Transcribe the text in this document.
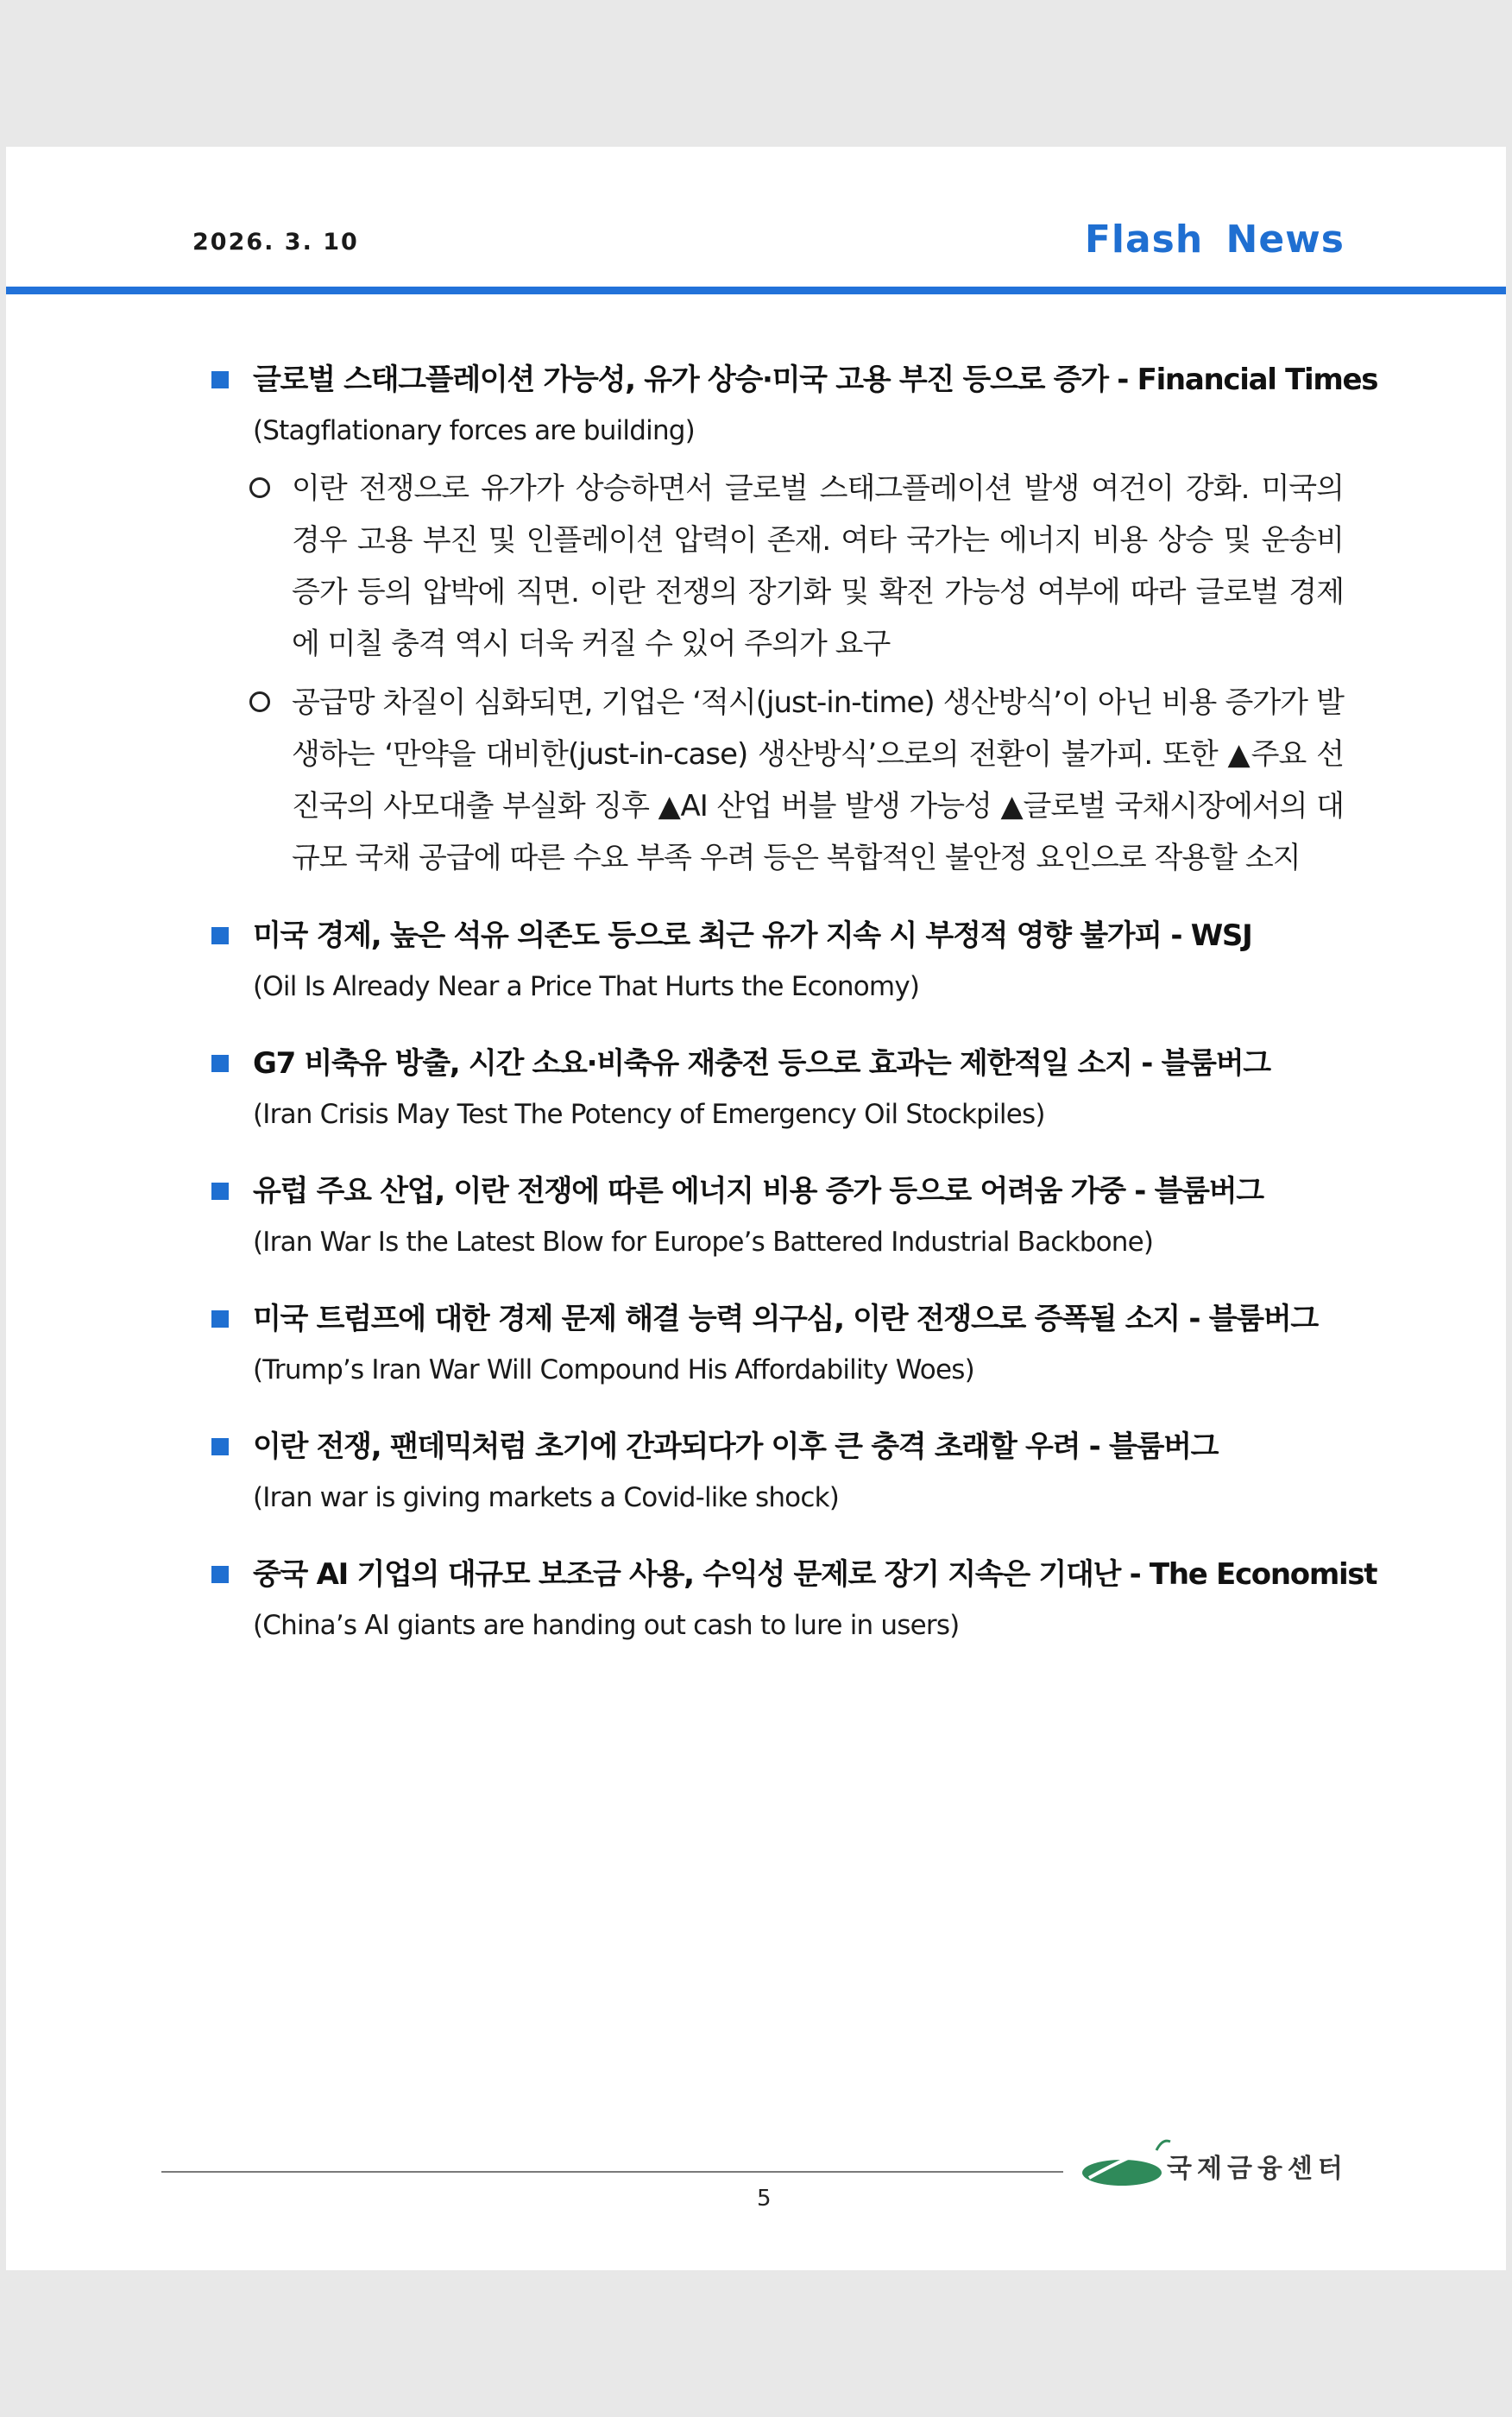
2026. 3. 10	Flash News
글로벌 스태그플레이션 가능성, 유가 상승·미국 고용 부진 등으로 증가 - Financial Times
(Stagflationary forces are building)
이란 전쟁으로 유가가 상승하면서 글로벌 스태그플레이션 발생 여건이 강화. 미국의 경우 고용 부진 및 인플레이션 압력이 존재. 여타 국가는 에너지 비용 상승 및 운송비 증가 등의 압박에 직면. 이란 전쟁의 장기화 및 확전 가능성 여부에 따라 글로벌 경제에 미칠 충격 역시 더욱 커질 수 있어 주의가 요구
공급망 차질이 심화되면, 기업은 ‘적시(just-in-time) 생산방식’이 아닌 비용 증가가 발생하는 ‘만약을 대비한(just-in-case) 생산방식’으로의 전환이 불가피. 또한 ▲주요 선진국의 사모대출 부실화 징후 ▲AI 산업 버블 발생 가능성 ▲글로벌 국채시장에서의 대규모 국채 공급에 따른 수요 부족 우려 등은 복합적인 불안정 요인으로 작용할 소지
미국 경제, 높은 석유 의존도 등으로 최근 유가 지속 시 부정적 영향 불가피 - WSJ
(Oil Is Already Near a Price That Hurts the Economy)
G7 비축유 방출, 시간 소요·비축유 재충전 등으로 효과는 제한적일 소지 - 블룸버그
(Iran Crisis May Test The Potency of Emergency Oil Stockpiles)
유럽 주요 산업, 이란 전쟁에 따른 에너지 비용 증가 등으로 어려움 가중 - 블룸버그
(Iran War Is the Latest Blow for Europe’s Battered Industrial Backbone)
미국 트럼프에 대한 경제 문제 해결 능력 의구심, 이란 전쟁으로 증폭될 소지 - 블룸버그
(Trump’s Iran War Will Compound His Affordability Woes)
이란 전쟁, 팬데믹처럼 초기에 간과되다가 이후 큰 충격 초래할 우려 - 블룸버그
(Iran war is giving markets a Covid-like shock)
중국 AI 기업의 대규모 보조금 사용, 수익성 문제로 장기 지속은 기대난 - The Economist
(China’s AI giants are handing out cash to lure in users)
국제금융센터
5
